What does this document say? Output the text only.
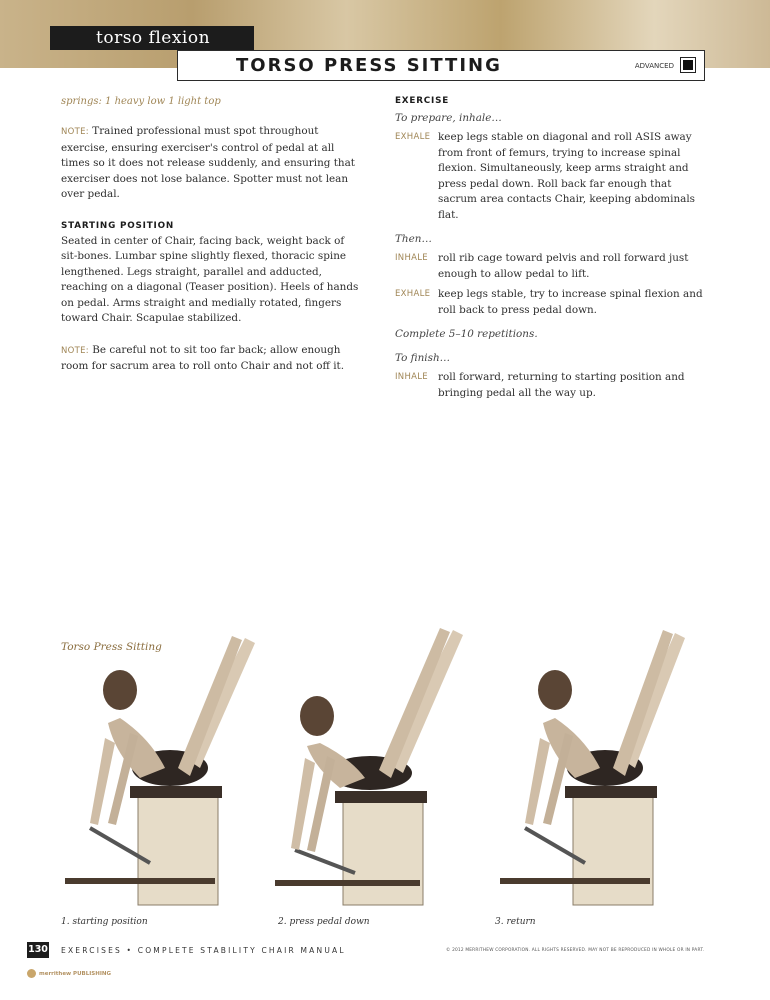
torso flexion
TORSO PRESS SITTING	ADVANCED
springs: 1 heavy low 1 light top

NOTE: Trained professional must spot throughout exercise, ensuring exerciser's control of pedal at all times so it does not release suddenly, and ensuring that exerciser does not lose balance. Spotter must not lean over pedal.

STARTING POSITION

Seated in center of Chair, facing back, weight back of sit-bones. Lumbar spine slightly flexed, thoracic spine lengthened. Legs straight, parallel and adducted, reaching on a diagonal (Teaser position). Heels of hands on pedal. Arms straight and medially rotated, fingers toward Chair. Scapulae stabilized.

NOTE: Be careful not to sit too far back; allow enough room for sacrum area to roll onto Chair and not off it.

EXERCISE
To prepare, inhale…
EXHALE keep legs stable on diagonal and roll ASIS away from front of femurs, trying to increase spinal flexion. Simultaneously, keep arms straight and press pedal down. Roll back far enough that sacrum area contacts Chair, keeping abdominals flat.
Then…
INHALE roll rib cage toward pelvis and roll forward just enough to allow pedal to lift.
EXHALE keep legs stable, try to increase spinal flexion and roll back to press pedal down.
Complete 5–10 repetitions.
To finish…
INHALE roll forward, returning to starting position and bringing pedal all the way up.
Torso Press Sitting
1. starting position	2. press pedal down	3. return
130 EXERCISES • COMPLETE STABILITY CHAIR MANUAL	© 2012 MERRITHEW CORPORATION. ALL RIGHTS RESERVED. MAY NOT BE REPRODUCED IN WHOLE OR IN PART.
merrithew PUBLISHING
